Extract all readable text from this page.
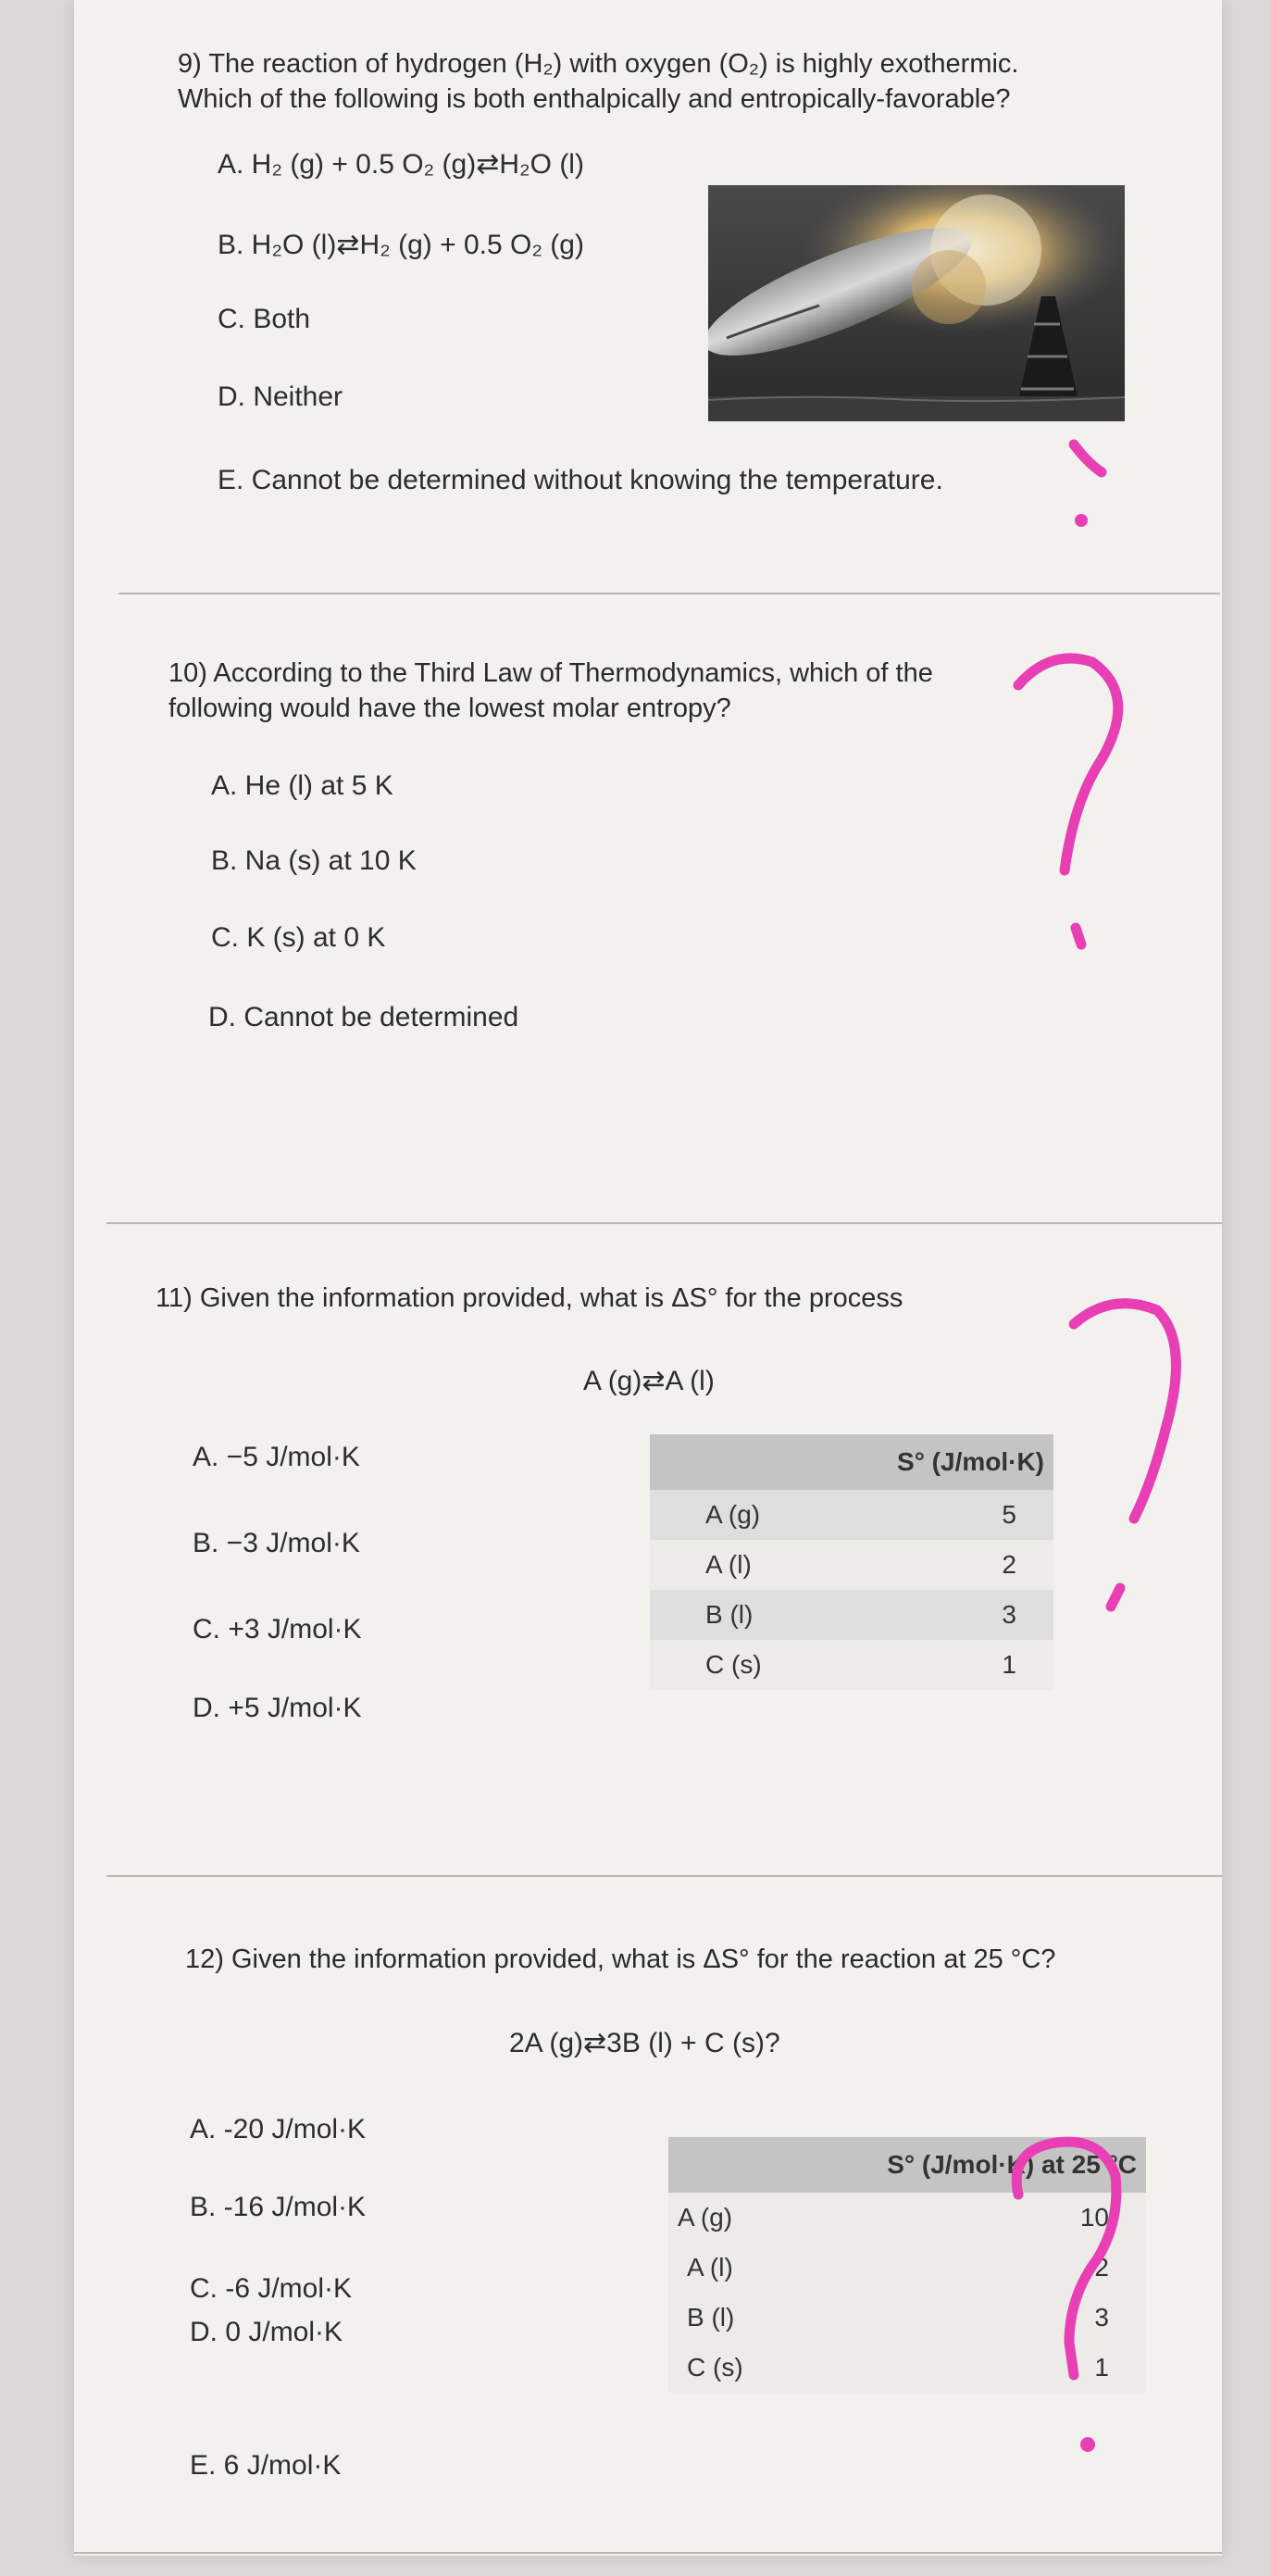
9) The reaction of hydrogen (H₂) with oxygen (O₂) is highly exothermic.
Which of the following is both enthalpically and entropically-favorable?
A. H₂ (g) + 0.5 O₂ (g)⇄H₂O (l)
B. H₂O (l)⇄H₂ (g) + 0.5 O₂ (g)
C. Both
D. Neither
E. Cannot be determined without knowing the temperature.
10) According to the Third Law of Thermodynamics, which of the
following would have the lowest molar entropy?
A. He (l) at 5 K
B. Na (s) at 10 K
C. K (s) at 0 K
D. Cannot be determined
11) Given the information provided, what is ΔS° for the process
A (g)⇄A (l)
A. −5 J/mol·K
B. −3 J/mol·K
C. +3 J/mol·K
D. +5 J/mol·K
S° (J/mol·K)	
A (g)	5
A (l)	2
B (l)	3
C (s)	1
12) Given the information provided, what is ΔS° for the reaction at 25 °C?
2A (g)⇄3B (l) + C (s)?
A. -20 J/mol·K
B. -16 J/mol·K
C. -6 J/mol·K
D. 0 J/mol·K
E. 6 J/mol·K
S° (J/mol·K) at 25 °C	
A (g)	10
A (l)	2
B (l)	3
C (s)	1
